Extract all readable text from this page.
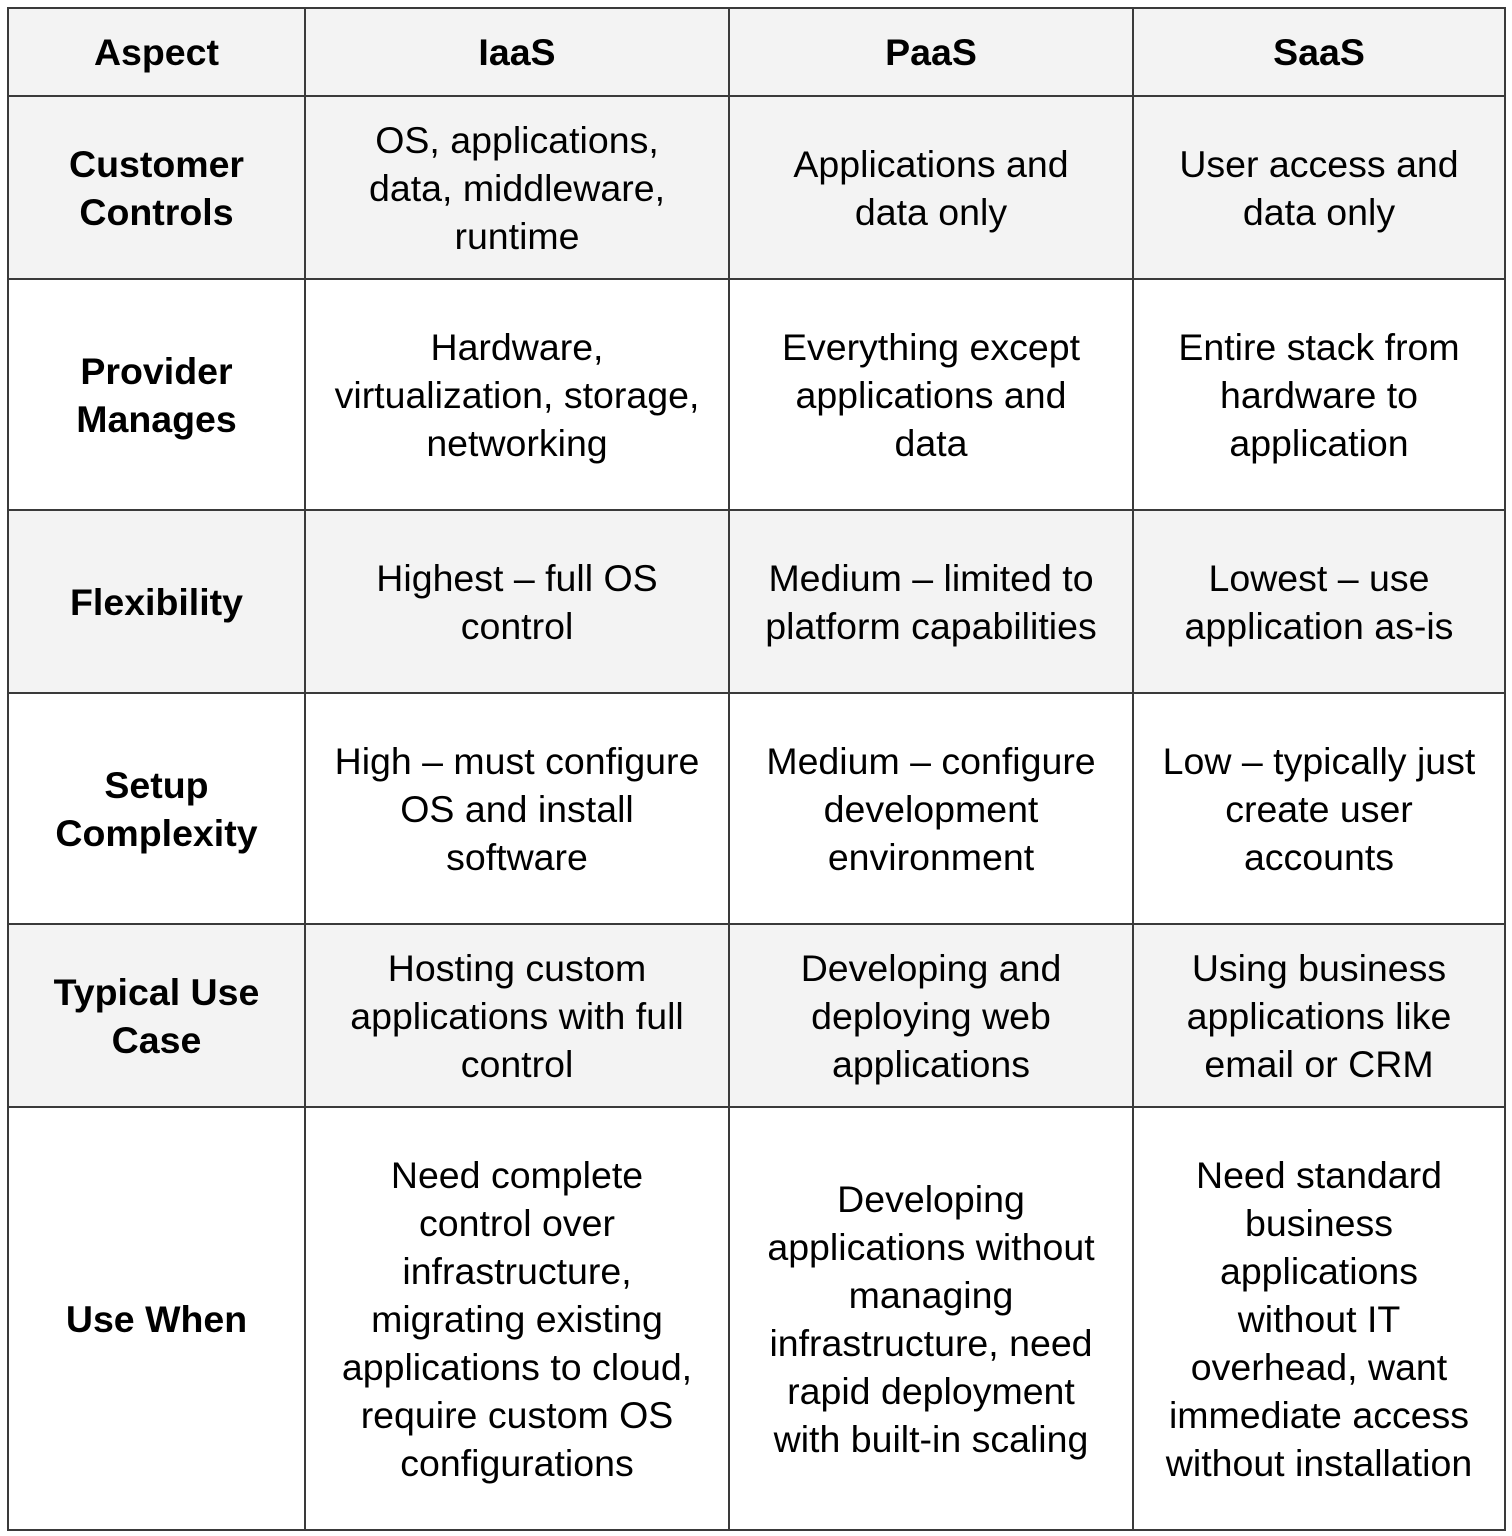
Aspect	IaaS	PaaS	SaaS
Customer Controls	OS, applications, data, middleware, runtime	Applications and data only	User access and data only
Provider Manages	Hardware, virtualization, storage, networking	Everything except applications and data	Entire stack from hardware to application
Flexibility	Highest – full OS control	Medium – limited to platform capabilities	Lowest – use application as-is
Setup Complexity	High – must configure OS and install software	Medium – configure development environment	Low – typically just create user accounts
Typical Use Case	Hosting custom applications with full control	Developing and deploying web applications	Using business applications like email or CRM
Use When	Need complete control over infrastructure, migrating existing applications to cloud, require custom OS configurations	Developing applications without managing infrastructure, need rapid deployment with built-in scaling	Need standard business applications without IT overhead, want immediate access without installation
